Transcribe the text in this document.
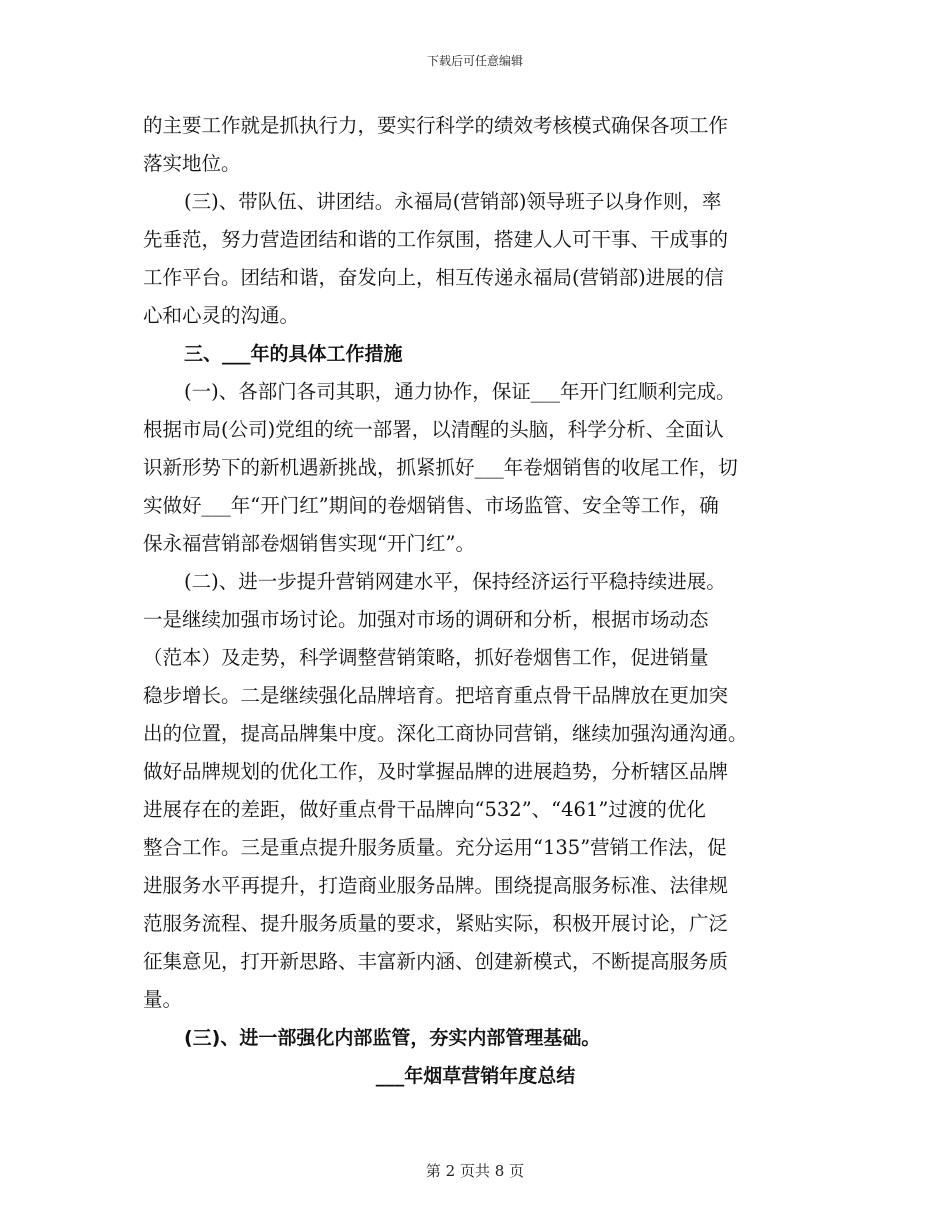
下载后可任意编辑
的主要工作就是抓执行力，要实行科学的绩效考核模式确保各项工作
落实地位。
(三)、带队伍、讲团结。永福局(营销部)领导班子以身作则，率
先垂范，努力营造团结和谐的工作氛围，搭建人人可干事、干成事的
工作平台。团结和谐，奋发向上，相互传递永福局(营销部)进展的信
心和心灵的沟通。
三、___年的具体工作措施
(一)、各部门各司其职，通力协作，保证___年开门红顺利完成。
根据市局(公司)党组的统一部署，以清醒的头脑，科学分析、全面认
识新形势下的新机遇新挑战，抓紧抓好___年卷烟销售的收尾工作，切
实做好___年“开门红”期间的卷烟销售、市场监管、安全等工作，确
保永福营销部卷烟销售实现“开门红”。
(二)、进一步提升营销网建水平，保持经济运行平稳持续进展。
一是继续加强市场讨论。加强对市场的调研和分析，根据市场动态
（范本）及走势，科学调整营销策略，抓好卷烟售工作，促进销量
稳步增长。二是继续强化品牌培育。把培育重点骨干品牌放在更加突
出的位置，提高品牌集中度。深化工商协同营销，继续加强沟通沟通。
做好品牌规划的优化工作，及时掌握品牌的进展趋势，分析辖区品牌
进展存在的差距，做好重点骨干品牌向“532”、“461”过渡的优化
整合工作。三是重点提升服务质量。充分运用“135”营销工作法，促
进服务水平再提升，打造商业服务品牌。围绕提高服务标准、法律规
范服务流程、提升服务质量的要求，紧贴实际，积极开展讨论，广泛
征集意见，打开新思路、丰富新内涵、创建新模式，不断提高服务质
量。
(三)、进一部强化内部监管，夯实内部管理基础。
___年烟草营销年度总结
第 2 页共 8 页
